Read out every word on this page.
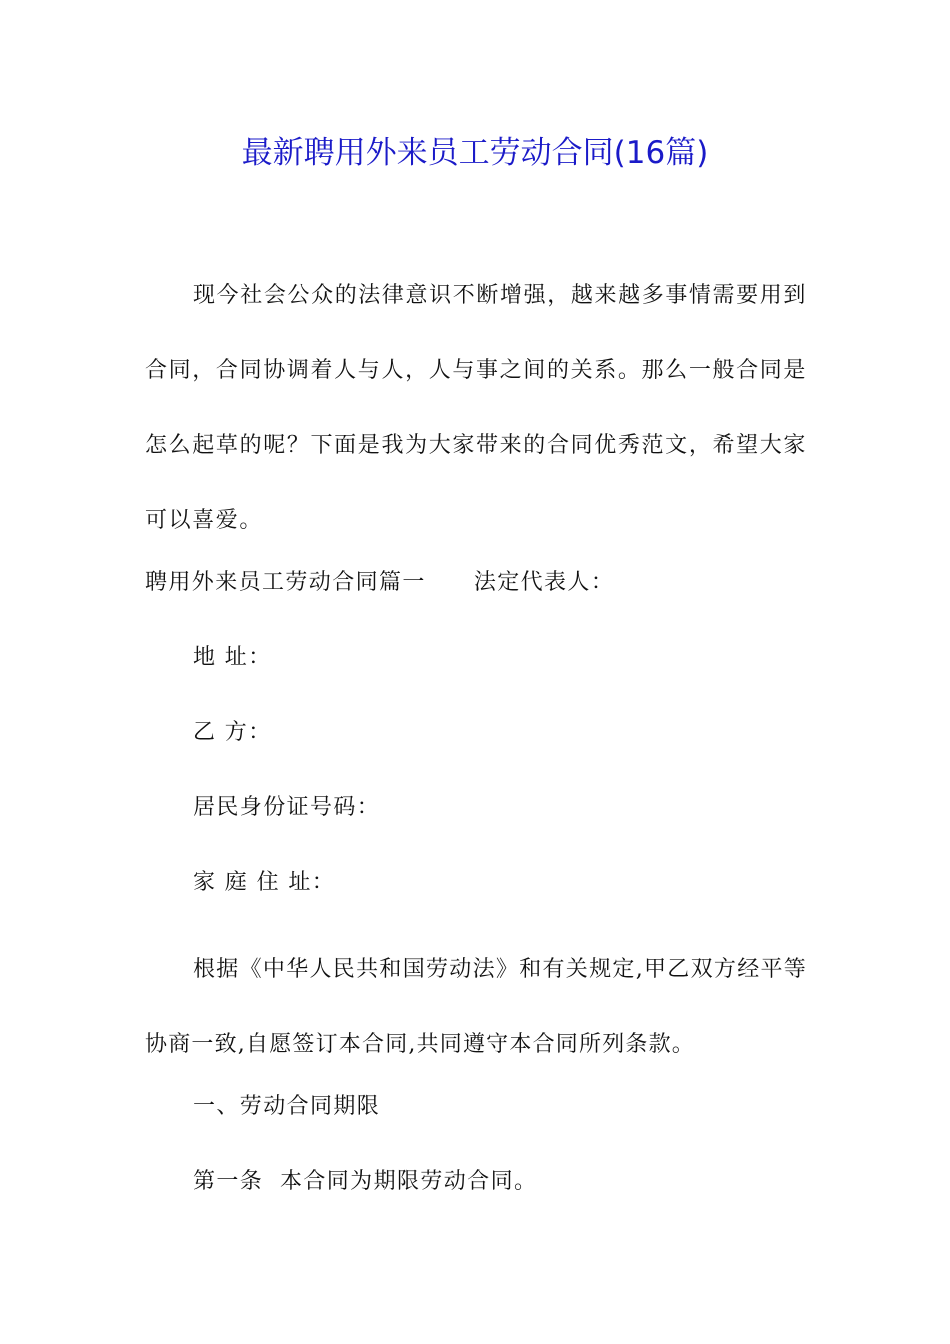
最新聘用外来员工劳动合同(16篇)

现今社会公众的法律意识不断增强，越来越多事情需要用到合同，合同协调着人与人，人与事之间的关系。那么一般合同是怎么起草的呢？下面是我为大家带来的合同优秀范文，希望大家可以喜爱。

聘用外来员工劳动合同篇一 法定代表人：
地 址：
乙 方：
居民身份证号码：
家 庭 住 址：

根据《中华人民共和国劳动法》和有关规定,甲乙双方经平等协商一致,自愿签订本合同,共同遵守本合同所列条款。

一、劳动合同期限
第一条  本合同为期限劳动合同。
